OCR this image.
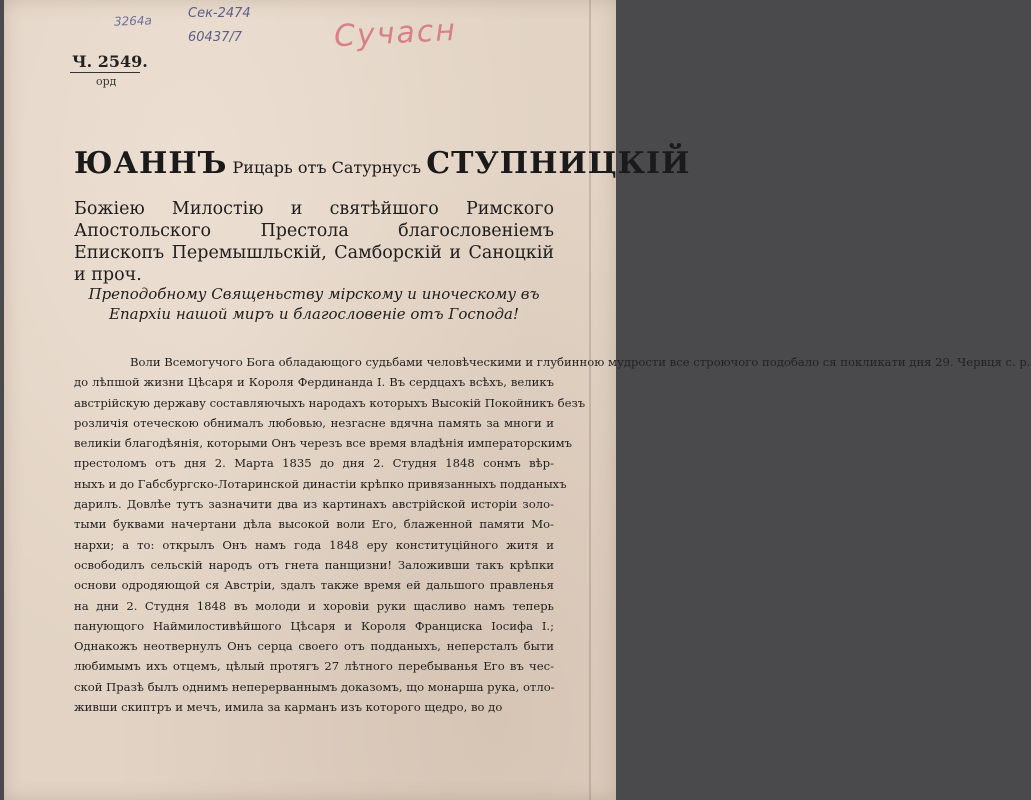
3264а	Сек-2474
60437/7	Сучасн
Ч. 2549.
орд
ЮАННЪ Рицарь отъ Сатурнусъ СТУПНИЦКІЙ
Божіею Милостію и святѣйшого Римского Апостольского Престола благословеніемъ Епископъ Перемышльскій, Самборскій и Саноцкій и проч.
Преподобному Священьству мірскому и иноческому въ Епархіи нашой миръ и благословеніе отъ Господа!
Воли Всемогучого Бога обладающого судьбами человѣческими и глубинною мудрости все строючого подобало ся покликати дня 29. Червця с. р.
до лѣпшой жизни Цѣсаря и Короля Фердинанда I. Въ сердцахъ всѣхъ, великъ
австрійскую державу составляючыхъ народахъ которыхъ Высокій Покойникъ безъ
розличія отеческою обнималъ любовью, незгасне вдячна память за многи и
великіи благодѣянія, которыми Онъ черезъ все время владѣнія императорскимъ
престоломъ отъ дня 2. Марта 1835 до дня 2. Студня 1848 сонмъ вѣр-
ныхъ и до Габсбургско-Лотаринской династіи крѣпко привязанныхъ подданыхъ
дарилъ. Довлѣе тутъ зазначити два из картинахъ австрійской исторіи золо-
тыми буквами начертани дѣла высокой воли Его, блаженной памяти Мо-
нархи; а то: открылъ Онъ намъ года 1848 еру конституційного житя и
освободилъ сельскій народъ отъ гнета панщизни! Заложивши такъ крѣпки
основи одродяющой ся Австріи, здалъ также время ей дальшого правленья
на дни 2. Студня 1848 въ молоди и хоровіи руки щасливо намъ теперь
панующого Наймилостивѣйшого Цѣсаря и Короля Франциска Іосифа I.;
Однакожъ неотвернулъ Онъ серца своего отъ подданыхъ, неперсталъ быти
любимымъ ихъ отцемъ, цѣлый протягъ 27 лѣтного перебыванья Его въ чес-
ской Празѣ былъ однимъ неперерваннымъ доказомъ, що монарша рука, отло-
живши скиптръ и мечъ, имила за карманъ изъ которого щедро, во до
